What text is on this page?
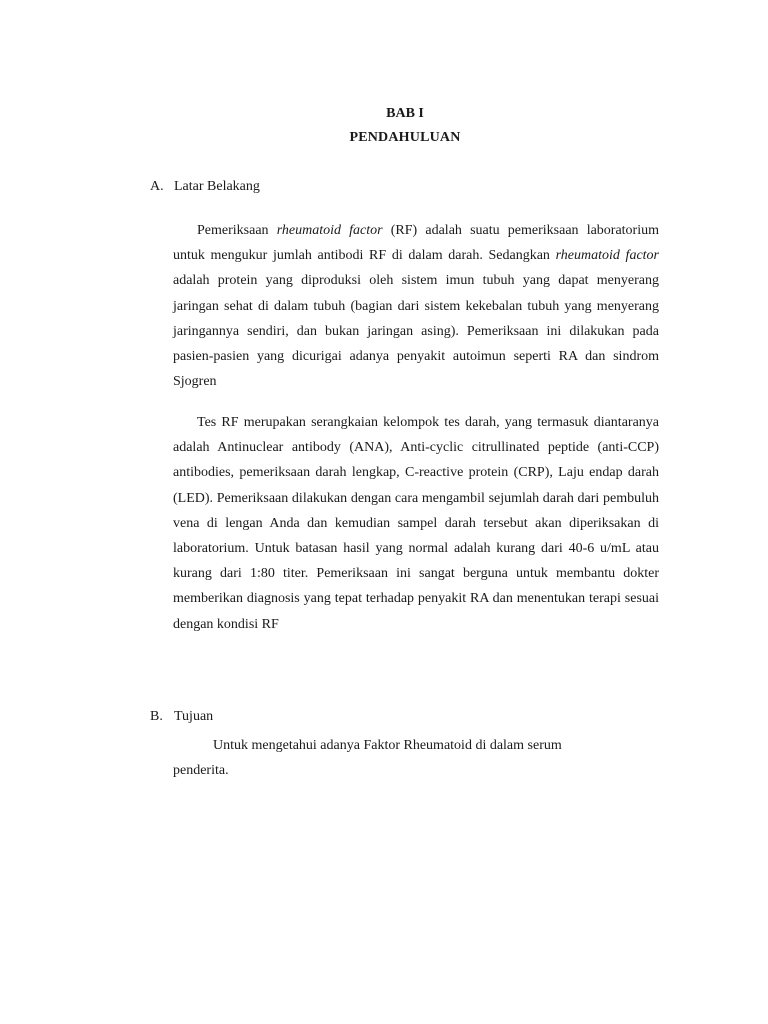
BAB I
PENDAHULUAN
A. Latar Belakang

Pemeriksaan rheumatoid factor (RF) adalah suatu pemeriksaan laboratorium untuk mengukur jumlah antibodi RF di dalam darah. Sedangkan rheumatoid factor adalah protein yang diproduksi oleh sistem imun tubuh yang dapat menyerang jaringan sehat di dalam tubuh (bagian dari sistem kekebalan tubuh yang menyerang jaringannya sendiri, dan bukan jaringan asing). Pemeriksaan ini dilakukan pada pasien-pasien yang dicurigai adanya penyakit autoimun seperti RA dan sindrom Sjogren

Tes RF merupakan serangkaian kelompok tes darah, yang termasuk diantaranya adalah Antinuclear antibody (ANA), Anti-cyclic citrullinated peptide (anti-CCP) antibodies, pemeriksaan darah lengkap, C-reactive protein (CRP), Laju endap darah (LED). Pemeriksaan dilakukan dengan cara mengambil sejumlah darah dari pembuluh vena di lengan Anda dan kemudian sampel darah tersebut akan diperiksakan di laboratorium. Untuk batasan hasil yang normal adalah kurang dari 40-6 u/mL atau kurang dari 1:80 titer. Pemeriksaan ini sangat berguna untuk membantu dokter memberikan diagnosis yang tepat terhadap penyakit RA dan menentukan terapi sesuai dengan kondisi RF

B. Tujuan

Untuk mengetahui adanya Faktor Rheumatoid di dalam serum penderita.
